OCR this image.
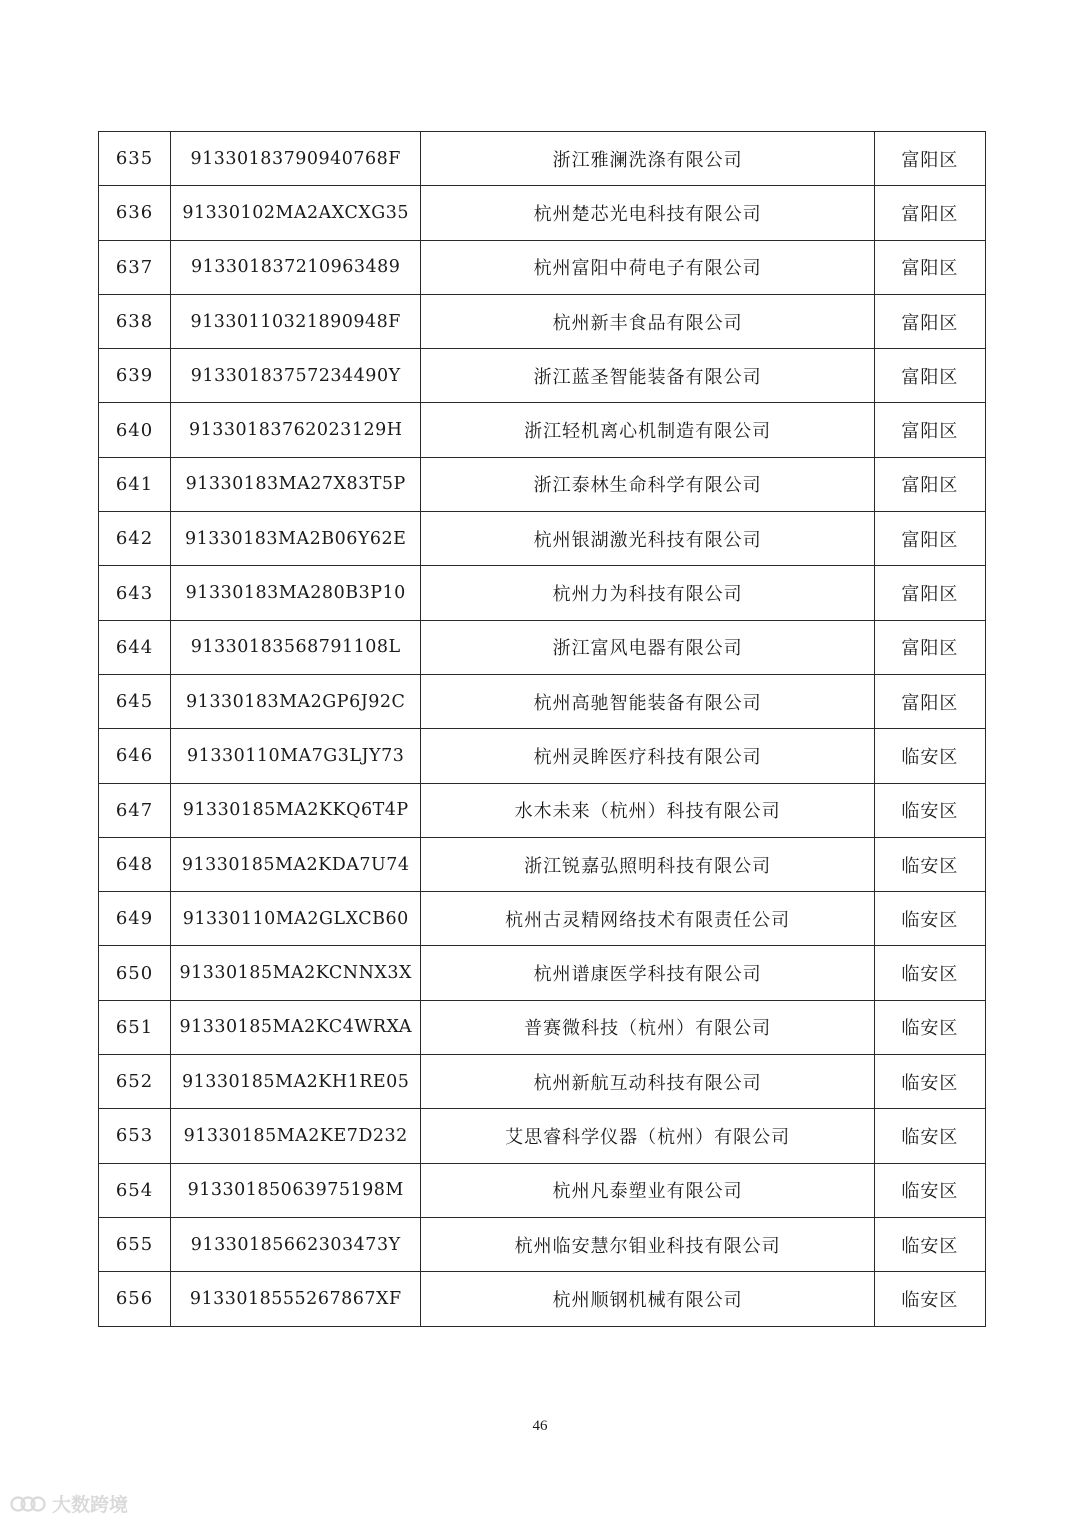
635	91330183790940768F	浙江雅澜洗涤有限公司	富阳区
636	91330102MA2AXCXG35	杭州楚芯光电科技有限公司	富阳区
637	913301837210963489	杭州富阳中荷电子有限公司	富阳区
638	91330110321890948F	杭州新丰食品有限公司	富阳区
639	91330183757234490Y	浙江蓝圣智能装备有限公司	富阳区
640	91330183762023129H	浙江轻机离心机制造有限公司	富阳区
641	91330183MA27X83T5P	浙江泰林生命科学有限公司	富阳区
642	91330183MA2B06Y62E	杭州银湖激光科技有限公司	富阳区
643	91330183MA280B3P10	杭州力为科技有限公司	富阳区
644	91330183568791108L	浙江富风电器有限公司	富阳区
645	91330183MA2GP6J92C	杭州高驰智能装备有限公司	富阳区
646	91330110MA7G3LJY73	杭州灵眸医疗科技有限公司	临安区
647	91330185MA2KKQ6T4P	水木未来（杭州）科技有限公司	临安区
648	91330185MA2KDA7U74	浙江锐嘉弘照明科技有限公司	临安区
649	91330110MA2GLXCB60	杭州古灵精网络技术有限责任公司	临安区
650	91330185MA2KCNNX3X	杭州谱康医学科技有限公司	临安区
651	91330185MA2KC4WRXA	普赛微科技（杭州）有限公司	临安区
652	91330185MA2KH1RE05	杭州新航互动科技有限公司	临安区
653	91330185MA2KE7D232	艾思睿科学仪器（杭州）有限公司	临安区
654	91330185063975198M	杭州凡泰塑业有限公司	临安区
655	91330185662303473Y	杭州临安慧尔钼业科技有限公司	临安区
656	9133018555267867XF	杭州顺钢机械有限公司	临安区
46
大数跨境
